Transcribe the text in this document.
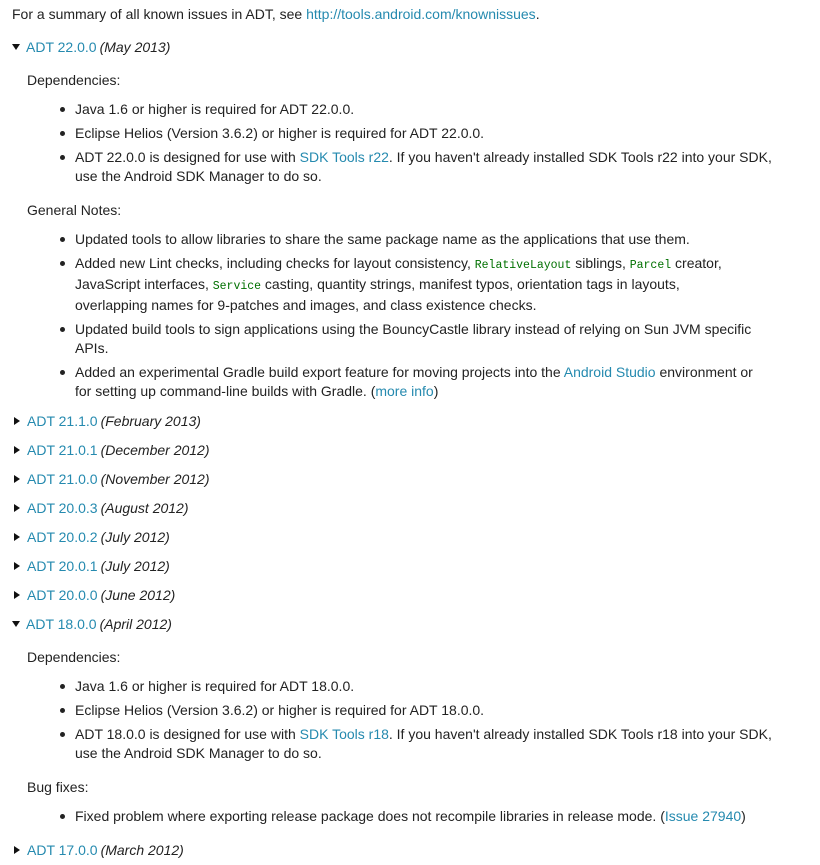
For a summary of all known issues in ADT, see http://tools.android.com/knownissues.
ADT 22.0.0 (May 2013)
Dependencies:
Java 1.6 or higher is required for ADT 22.0.0.
Eclipse Helios (Version 3.6.2) or higher is required for ADT 22.0.0.
ADT 22.0.0 is designed for use with SDK Tools r22. If you haven't already installed SDK Tools r22 into your SDK,
use the Android SDK Manager to do so.
General Notes:
Updated tools to allow libraries to share the same package name as the applications that use them.
Added new Lint checks, including checks for layout consistency, RelativeLayout siblings, Parcel creator,
JavaScript interfaces, Service casting, quantity strings, manifest typos, orientation tags in layouts,
overlapping names for 9-patches and images, and class existence checks.
Updated build tools to sign applications using the BouncyCastle library instead of relying on Sun JVM specific
APIs.
Added an experimental Gradle build export feature for moving projects into the Android Studio environment or
for setting up command-line builds with Gradle. (more info)
ADT 21.1.0 (February 2013)
ADT 21.0.1 (December 2012)
ADT 21.0.0 (November 2012)
ADT 20.0.3 (August 2012)
ADT 20.0.2 (July 2012)
ADT 20.0.1 (July 2012)
ADT 20.0.0 (June 2012)
ADT 18.0.0 (April 2012)
Dependencies:
Java 1.6 or higher is required for ADT 18.0.0.
Eclipse Helios (Version 3.6.2) or higher is required for ADT 18.0.0.
ADT 18.0.0 is designed for use with SDK Tools r18. If you haven't already installed SDK Tools r18 into your SDK,
use the Android SDK Manager to do so.
Bug fixes:
Fixed problem where exporting release package does not recompile libraries in release mode. (Issue 27940)
ADT 17.0.0 (March 2012)
